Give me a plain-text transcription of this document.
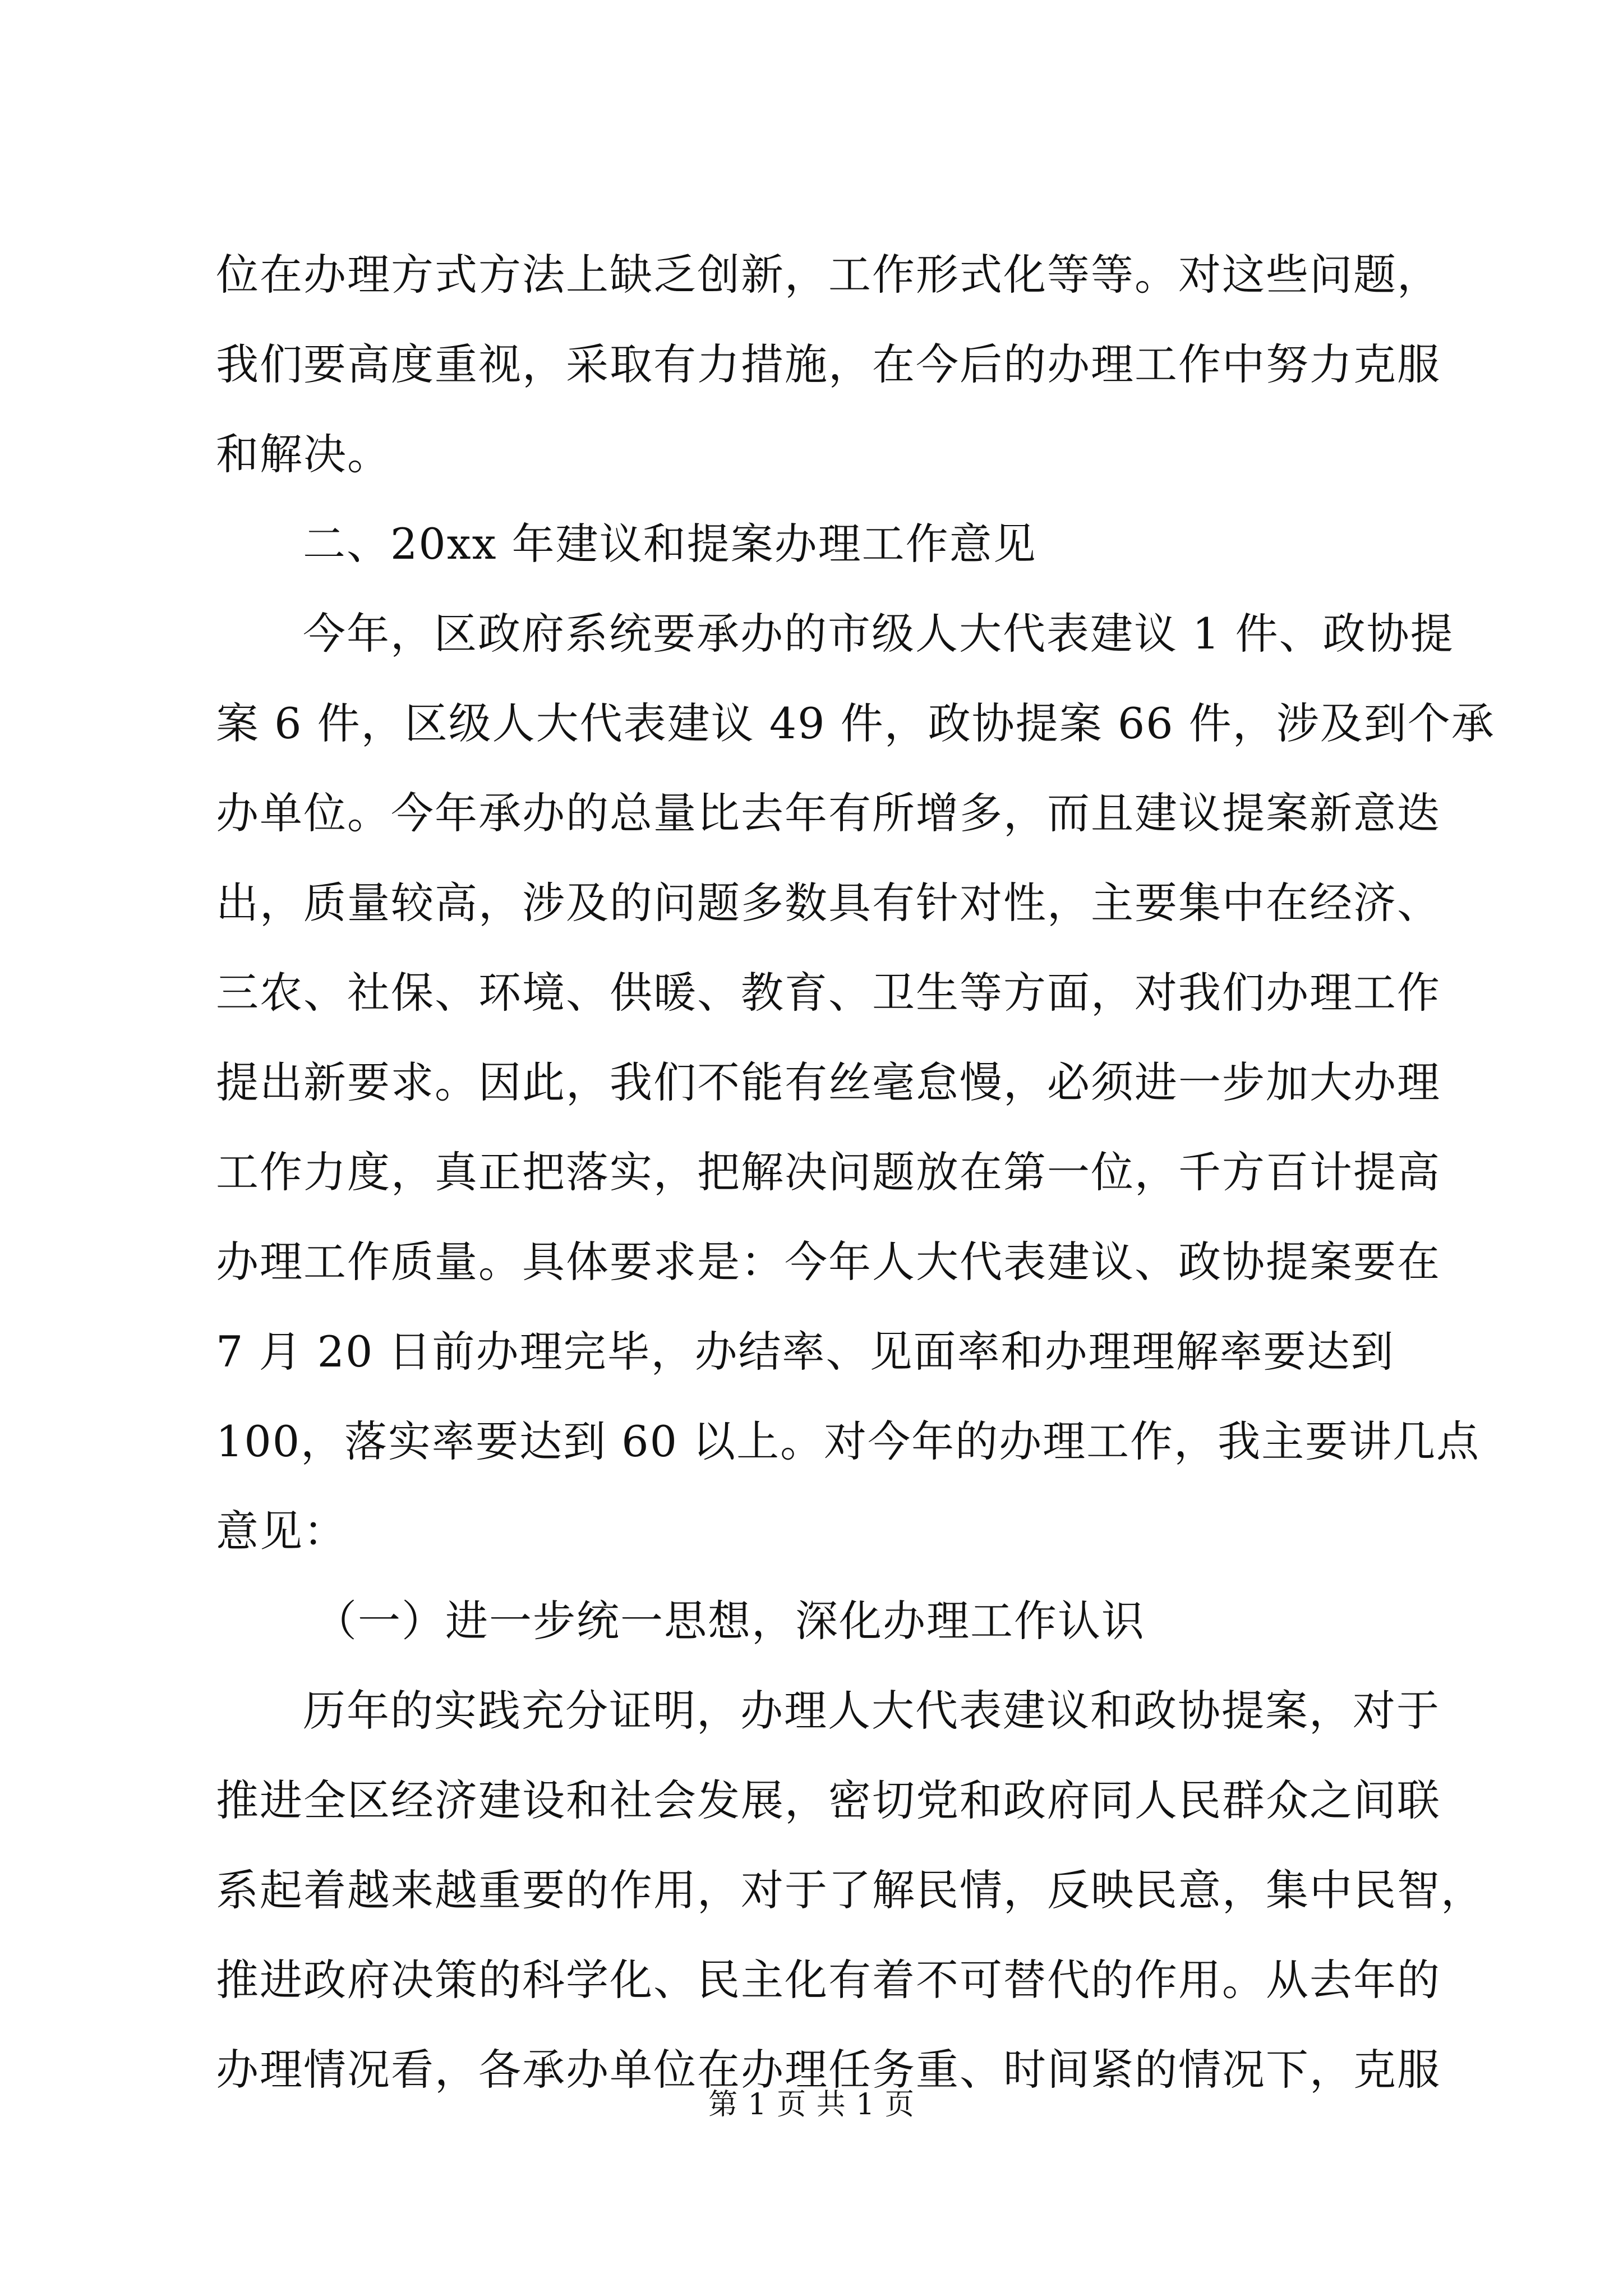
位在办理方式方法上缺乏创新，工作形式化等等。对这些问题，
我们要高度重视，采取有力措施，在今后的办理工作中努力克服
和解决。
二、20xx 年建议和提案办理工作意见
今年，区政府系统要承办的市级人大代表建议 1 件、政协提
案 6 件，区级人大代表建议 49 件，政协提案 66 件，涉及到个承
办单位。今年承办的总量比去年有所增多，而且建议提案新意迭
出，质量较高，涉及的问题多数具有针对性，主要集中在经济、
三农、社保、环境、供暖、教育、卫生等方面，对我们办理工作
提出新要求。因此，我们不能有丝毫怠慢，必须进一步加大办理
工作力度，真正把落实，把解决问题放在第一位，千方百计提高
办理工作质量。具体要求是：今年人大代表建议、政协提案要在
7 月 20 日前办理完毕，办结率、见面率和办理理解率要达到
100，落实率要达到 60 以上。对今年的办理工作，我主要讲几点
意见：
（一）进一步统一思想，深化办理工作认识
历年的实践充分证明，办理人大代表建议和政协提案，对于
推进全区经济建设和社会发展，密切党和政府同人民群众之间联
系起着越来越重要的作用，对于了解民情，反映民意，集中民智，
推进政府决策的科学化、民主化有着不可替代的作用。从去年的
办理情况看，各承办单位在办理任务重、时间紧的情况下，克服
第 1 页 共 1 页
